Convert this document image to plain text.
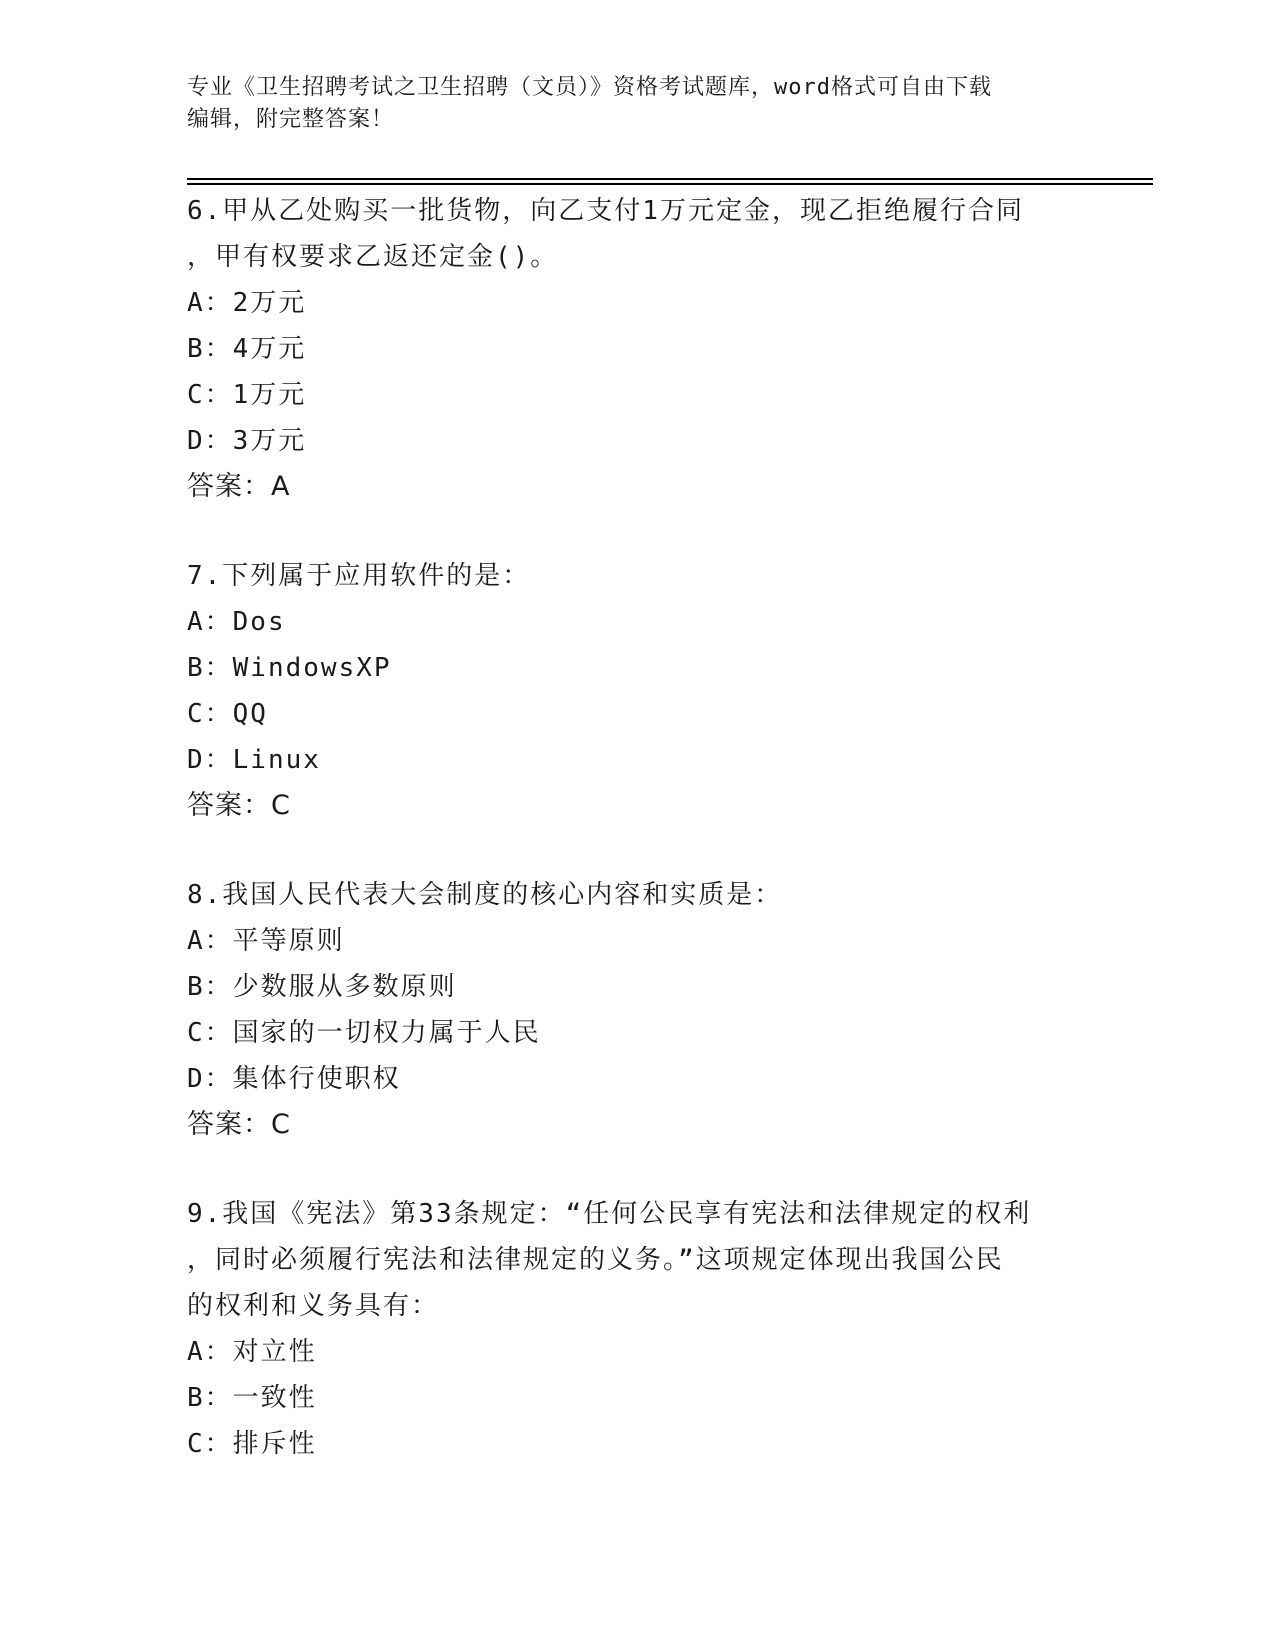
专业《卫生招聘考试之卫生招聘（文员）》资格考试题库，word格式可自由下载
编辑，附完整答案！
6.甲从乙处购买一批货物，向乙支付1万元定金，现乙拒绝履行合同
，甲有权要求乙返还定金()。
A：2万元
B：4万元
C：1万元
D：3万元
答案：A
7.下列属于应用软件的是：
A：Dos
B：WindowsXP
C：QQ
D：Linux
答案：C
8.我国人民代表大会制度的核心内容和实质是：
A：平等原则
B：少数服从多数原则
C：国家的一切权力属于人民
D：集体行使职权
答案：C
9.我国《宪法》第33条规定：“任何公民享有宪法和法律规定的权利
，同时必须履行宪法和法律规定的义务。”这项规定体现出我国公民
的权利和义务具有：
A：对立性
B：一致性
C：排斥性
